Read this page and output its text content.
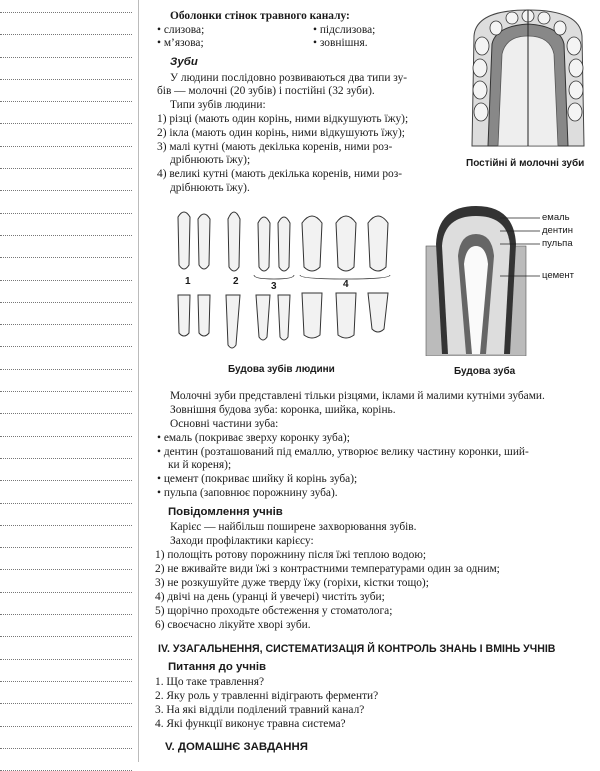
Оболонки стінок травного каналу:
• слизова;
• м’язова;
• підслизова;
• зовнішня.
Зуби
У людини послідовно розвиваються два типи зу-
бів — молочні (20 зубів) і постійні (32 зуби).
Типи зубів людини:
1) різці (мають один корінь, ними відкушують їжу);
2) ікла (мають один корінь, ними відкушують їжу);
3) малі кутні (мають декілька коренів, ними роз-
дрібнюють їжу);
4) великі кутні (мають декілька коренів, ними роз-
дрібнюють їжу).
Постійні й молочні зуби
1	2	3	4
Будова зубів людини
емаль
дентин
пульпа
цемент
Будова зуба
Молочні зуби представлені тільки різцями, іклами й малими кутніми зубами.
Зовнішня будова зуба: коронка, шийка, корінь.
Основні частини зуба:
• емаль (покриває зверху коронку зуба);
• дентин (розташований під емаллю, утворює велику частину коронки, ший-
ки й кореня);
• цемент (покриває шийку й корінь зуба);
• пульпа (заповнює порожнину зуба).
Повідомлення учнів
Карієс — найбільш поширене захворювання зубів.
Заходи профілактики карієсу:
1) полощіть ротову порожнину після їжі теплою водою;
2) не вживайте види їжі з контрастними температурами один за одним;
3) не розкушуйте дуже тверду їжу (горіхи, кістки тощо);
4) двічі на день (уранці й увечері) чистіть зуби;
5) щорічно проходьте обстеження у стоматолога;
6) своєчасно лікуйте хворі зуби.
IV. УЗАГАЛЬНЕННЯ, СИСТЕМАТИЗАЦІЯ Й КОНТРОЛЬ ЗНАНЬ І ВМІНЬ УЧНІВ
Питання до учнів
1. Що таке травлення?
2. Яку роль у травленні відіграють ферменти?
3. На які відділи поділений травний канал?
4. Які функції виконує травна система?
V. ДОМАШНЄ ЗАВДАННЯ
